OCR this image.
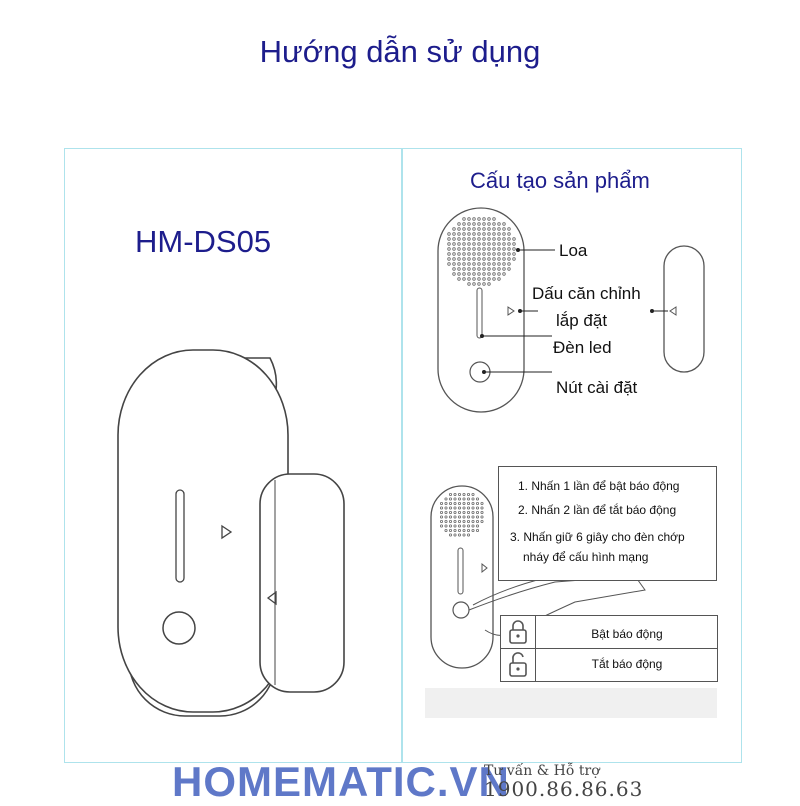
Hướng dẫn sử dụng
HM-DS05
Cấu tạo sản phẩm
Loa
Dấu căn chỉnh
lắp đặt
Đèn led
Nút cài đặt
1. Nhấn 1 lần để bật báo động
2. Nhấn 2 lần để tắt báo động
3. Nhấn giữ 6 giây cho đèn chớp
nháy để cấu hình mạng
Bật báo động
Tắt báo động
HOMEMATIC.VN
Tư vấn & Hỗ trợ
1900.86.86.63
